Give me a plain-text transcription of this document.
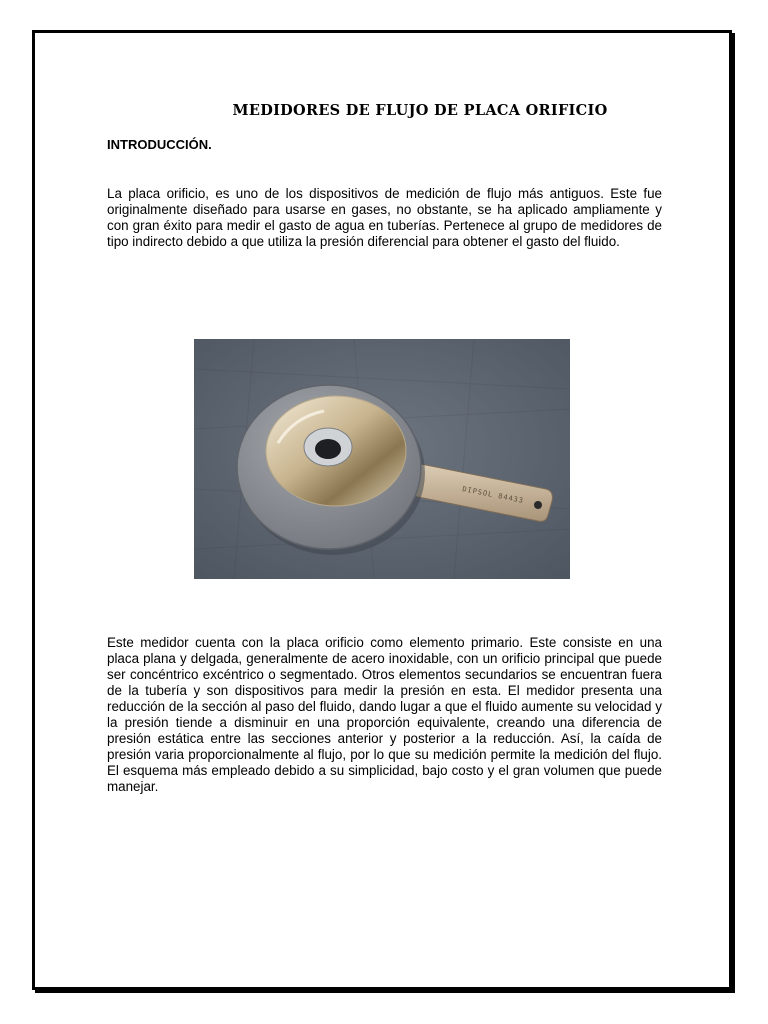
MEDIDORES DE FLUJO DE PLACA ORIFICIO
INTRODUCCIÓN.
La placa orificio, es uno de los dispositivos de medición de flujo más antiguos. Este fue originalmente diseñado para usarse en gases, no obstante, se ha aplicado ampliamente y con gran éxito para medir el gasto de agua en tuberías. Pertenece al grupo de medidores de tipo indirecto debido a que utiliza la presión diferencial para obtener el gasto del fluido.
DIPSOL 84433
Este medidor cuenta con la placa orificio como elemento primario. Este consiste en una placa plana y delgada, generalmente de acero inoxidable, con un orificio principal que puede ser concéntrico excéntrico o segmentado. Otros elementos secundarios se encuentran fuera de la tubería y son dispositivos para medir la presión en esta. El medidor presenta una reducción de la sección al paso del fluido, dando lugar a que el fluido aumente su velocidad y la presión tiende a disminuir en una proporción equivalente, creando una diferencia de presión estática entre las secciones anterior y posterior a la reducción. Así, la caída de presión varia proporcionalmente al flujo, por lo que su medición permite la medición del flujo. El esquema más empleado debido a su simplicidad, bajo costo y el gran volumen que puede manejar.
